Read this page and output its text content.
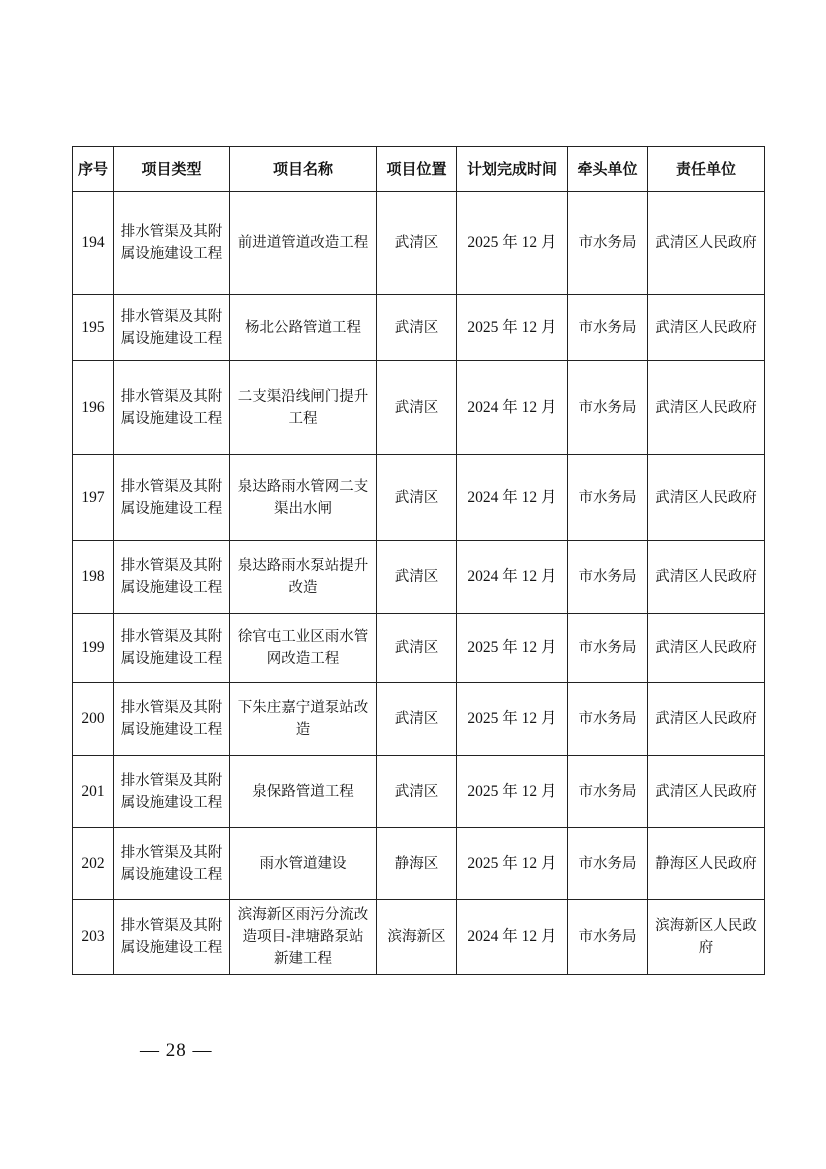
序号	项目类型	项目名称	项目位置	计划完成时间	牵头单位	责任单位
194	排水管渠及其附属设施建设工程	前进道管道改造工程	武清区	2025 年 12 月	市水务局	武清区人民政府
195	排水管渠及其附属设施建设工程	杨北公路管道工程	武清区	2025 年 12 月	市水务局	武清区人民政府
196	排水管渠及其附属设施建设工程	二支渠沿线闸门提升工程	武清区	2024 年 12 月	市水务局	武清区人民政府
197	排水管渠及其附属设施建设工程	泉达路雨水管网二支渠出水闸	武清区	2024 年 12 月	市水务局	武清区人民政府
198	排水管渠及其附属设施建设工程	泉达路雨水泵站提升改造	武清区	2024 年 12 月	市水务局	武清区人民政府
199	排水管渠及其附属设施建设工程	徐官屯工业区雨水管网改造工程	武清区	2025 年 12 月	市水务局	武清区人民政府
200	排水管渠及其附属设施建设工程	下朱庄嘉宁道泵站改造	武清区	2025 年 12 月	市水务局	武清区人民政府
201	排水管渠及其附属设施建设工程	泉保路管道工程	武清区	2025 年 12 月	市水务局	武清区人民政府
202	排水管渠及其附属设施建设工程	雨水管道建设	静海区	2025 年 12 月	市水务局	静海区人民政府
203	排水管渠及其附属设施建设工程	滨海新区雨污分流改造项目-津塘路泵站新建工程	滨海新区	2024 年 12 月	市水务局	滨海新区人民政府
— 28 —
